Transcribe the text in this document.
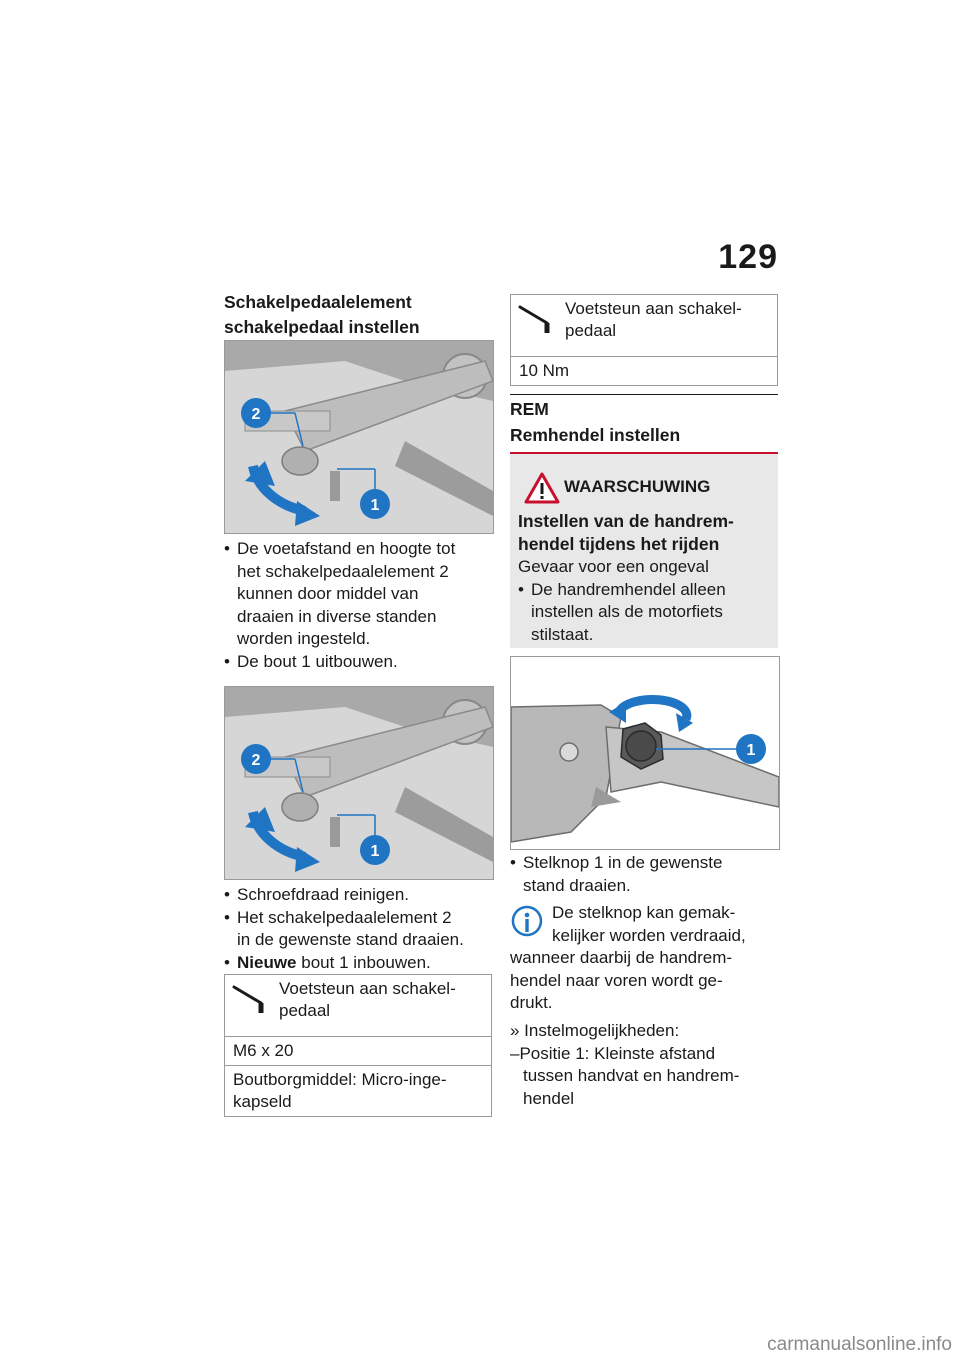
129
Schakelpedaalelement
schakelpedaal instellen
2
1
• De voetafstand en hoogte tot
het schakelpedaalelement 2
kunnen door middel van
draaien in diverse standen
worden ingesteld.
• De bout 1 uitbouwen.
2
1
• Schroefdraad reinigen.
• Het schakelpedaalelement 2
in de gewenste stand draaien.
• Nieuwe bout 1 inbouwen.
Voetsteun aan schakel-
pedaal
M6 x 20
Boutborgmiddel: Micro-inge-
kapseld
Voetsteun aan schakel-
pedaal
10 Nm
REM
Remhendel instellen
WAARSCHUWING
Instellen van de handrem-
hendel tijdens het rijden
Gevaar voor een ongeval
• De handremhendel alleen
instellen als de motorfiets
stilstaat.
1
• Stelknop 1 in de gewenste
stand draaien.
De stelknop kan gemak-
kelijker worden verdraaid,
wanneer daarbij de handrem-
hendel naar voren wordt ge-
drukt.
» Instelmogelijkheden:
–Positie 1: Kleinste afstand
tussen handvat en handrem-
hendel
carmanualsonline.info
